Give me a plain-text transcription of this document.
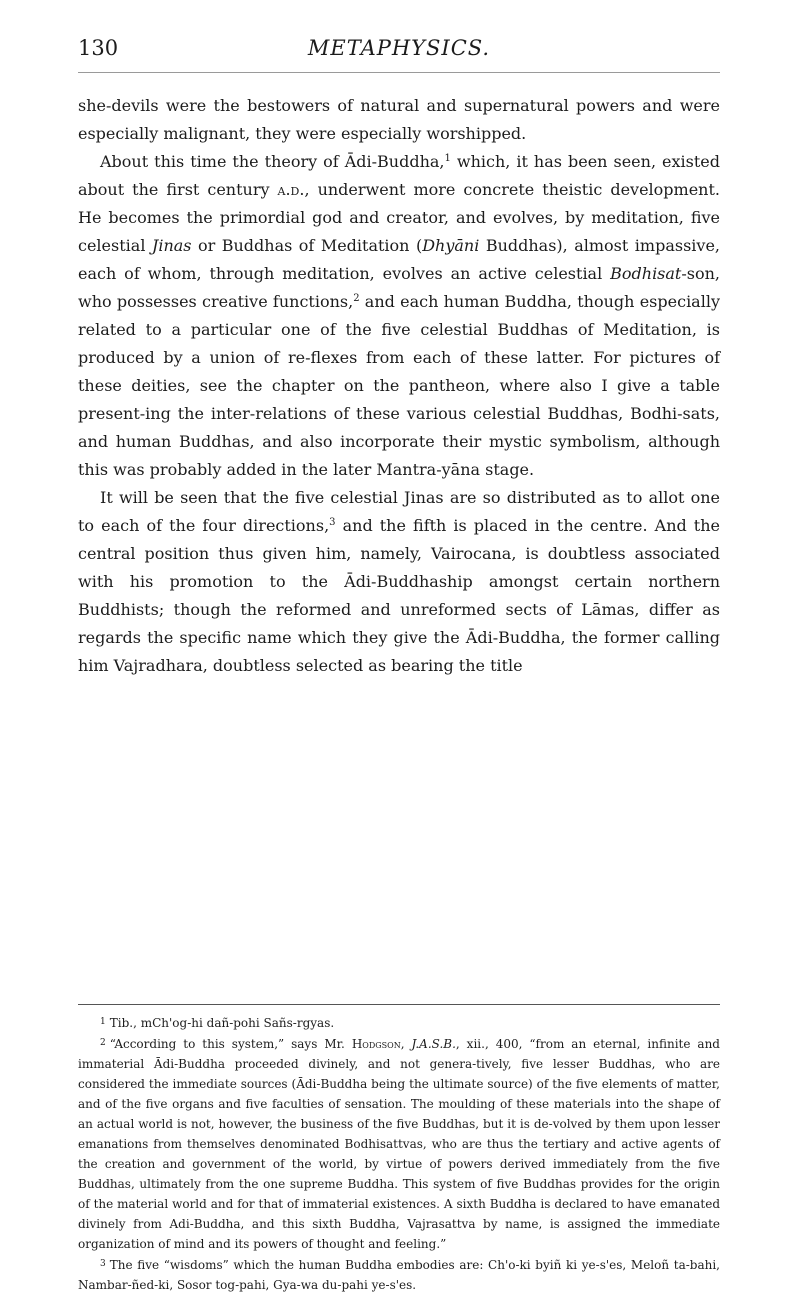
130	METAPHYSICS.

she-devils were the bestowers of natural and supernatural powers and were especially malignant, they were especially worshipped.

About this time the theory of Ādi-Buddha,$^1$ which, it has been seen, existed about the first century a.d., underwent more concrete theistic development. He becomes the primordial god and creator, and evolves, by meditation, five celestial Jinas or Buddhas of Meditation (Dhyāni Buddhas), almost impassive, each of whom, through meditation, evolves an active celestial Bodhisat-son, who possesses creative functions,$^2$ and each human Buddha, though especially related to a particular one of the five celestial Buddhas of Meditation, is produced by a union of re-flexes from each of these latter. For pictures of these deities, see the chapter on the pantheon, where also I give a table present-ing the inter-relations of these various celestial Buddhas, Bodhi-sats, and human Buddhas, and also incorporate their mystic symbolism, although this was probably added in the later Mantra-yāna stage.

It will be seen that the five celestial Jinas are so distributed as to allot one to each of the four directions,$^3$ and the fifth is placed in the centre. And the central position thus given him, namely, Vairocana, is doubtless associated with his promotion to the Ādi-Buddhaship amongst certain northern Buddhists; though the reformed and unreformed sects of Lāmas, differ as regards the specific name which they give the Ādi-Buddha, the former calling him Vajradhara, doubtless selected as bearing the title

$^1$ Tib., mCh'og-hi dañ-pohi Sañs-rgyas.

$^2$ “According to this system,” says Mr. Hodgson, J.A.S.B., xii., 400, “from an eternal, infinite and immaterial Ādi-Buddha proceeded divinely, and not genera-tively, five lesser Buddhas, who are considered the immediate sources (Ādi-Buddha being the ultimate source) of the five elements of matter, and of the five organs and five faculties of sensation. The moulding of these materials into the shape of an actual world is not, however, the business of the five Buddhas, but it is de-volved by them upon lesser emanations from themselves denominated Bodhisattvas, who are thus the tertiary and active agents of the creation and government of the world, by virtue of powers derived immediately from the five Buddhas, ultimately from the one supreme Buddha. This system of five Buddhas provides for the origin of the material world and for that of immaterial existences. A sixth Buddha is declared to have emanated divinely from Adi-Buddha, and this sixth Buddha, Vajrasattva by name, is assigned the immediate organization of mind and its powers of thought and feeling.”

$^3$ The five “wisdoms” which the human Buddha embodies are: Ch'o-ki byiñ ki ye-s'es, Meloñ ta-bahi, Nambar-ñed-ki, Sosor tog-pahi, Gya-wa du-pahi ye-s'es.
